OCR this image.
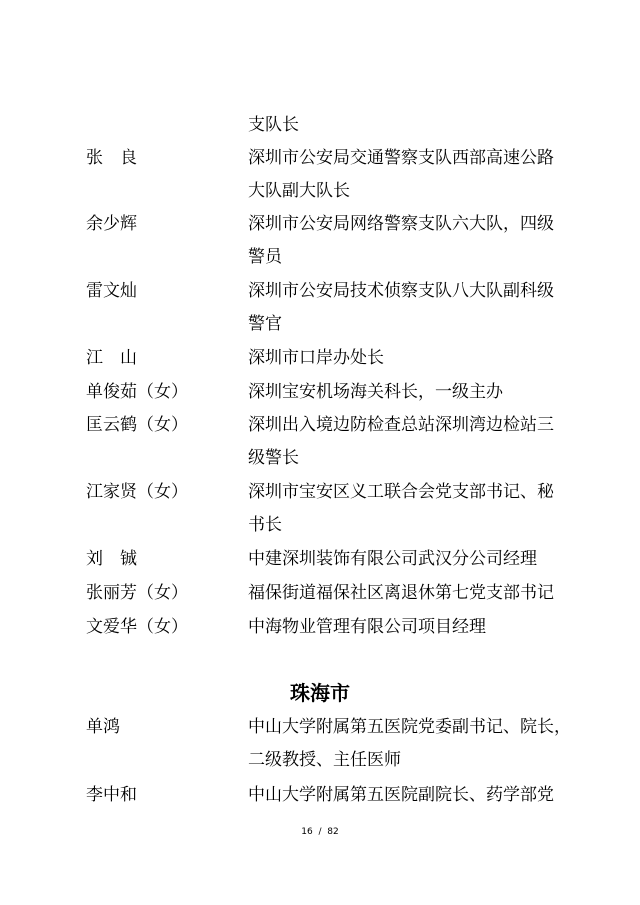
支队长
张　良	深圳市公安局交通警察支队西部高速公路
大队副大队长
余少辉	深圳市公安局网络警察支队六大队，四级
警员
雷文灿	深圳市公安局技术侦察支队八大队副科级
警官
江　山	深圳市口岸办处长
单俊茹（女）	深圳宝安机场海关科长，一级主办
匡云鹤（女）	深圳出入境边防检查总站深圳湾边检站三
级警长
江家贤（女）	深圳市宝安区义工联合会党支部书记、秘
书长
刘　铖	中建深圳装饰有限公司武汉分公司经理
张丽芳（女）	福保街道福保社区离退休第七党支部书记
文爱华（女）	中海物业管理有限公司项目经理
珠海市
单鸿	中山大学附属第五医院党委副书记、院长，
二级教授、主任医师
李中和	中山大学附属第五医院副院长、药学部党
16  /  82
